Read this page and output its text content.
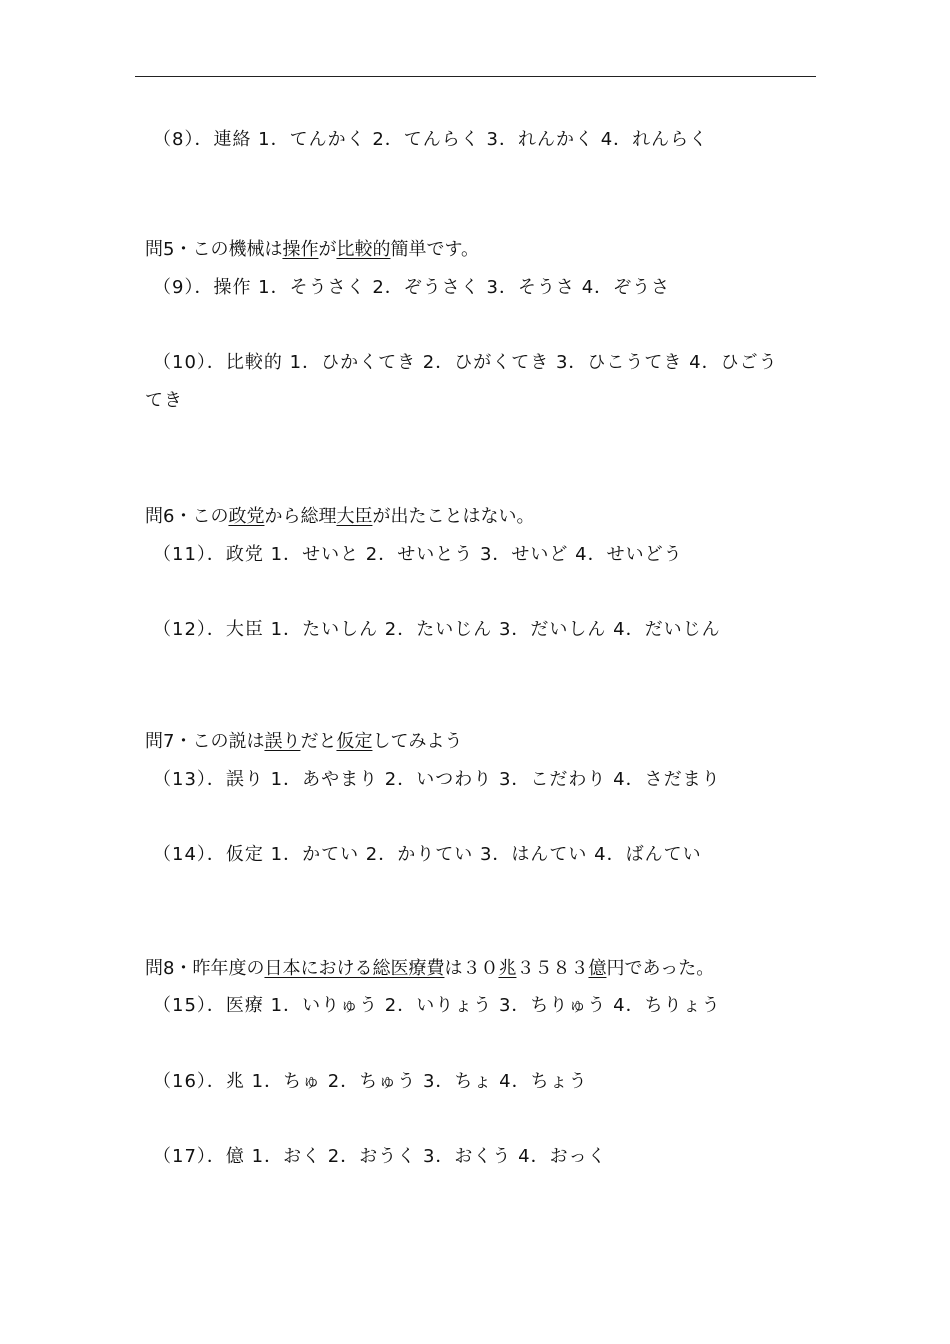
（8）．連絡 1．てんかく 2．てんらく 3．れんかく 4．れんらく
問5・この機械は操作が比較的簡単です。
（9）．操作 1．そうさく 2．ぞうさく 3．そうさ 4．ぞうさ
（10）．比較的 1．ひかくてき 2．ひがくてき 3．ひこうてき 4．ひごう
てき
問6・この政党から総理大臣が出たことはない。
（11）．政党 1．せいと 2．せいとう 3．せいど 4．せいどう
（12）．大臣 1．たいしん 2．たいじん 3．だいしん 4．だいじん
問7・この説は誤りだと仮定してみよう
（13）．誤り 1．あやまり 2．いつわり 3．こだわり 4．さだまり
（14）．仮定 1．かてい 2．かりてい 3．はんてい 4．ばんてい
問8・昨年度の日本における総医療費は３０兆３５８３億円であった。
（15）．医療 1．いりゅう 2．いりょう 3．ちりゅう 4．ちりょう
（16）．兆 1．ちゅ 2．ちゅう 3．ちょ 4．ちょう
（17）．億 1．おく 2．おうく 3．おくう 4．おっく
